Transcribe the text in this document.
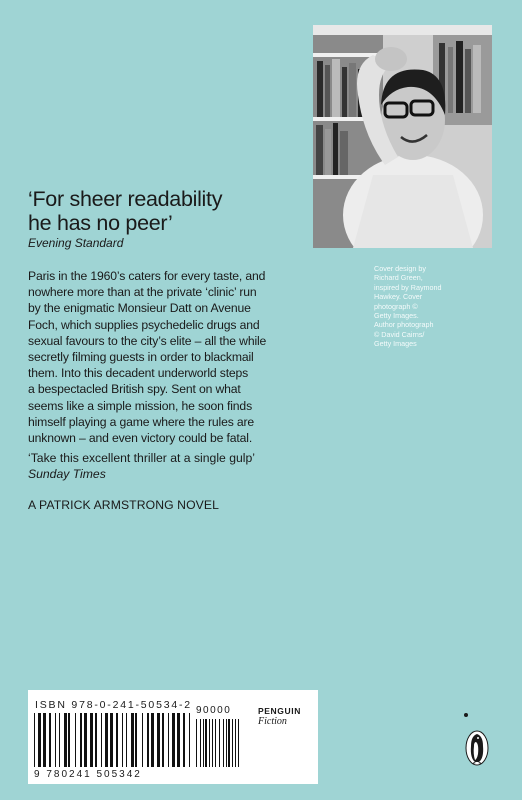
‘For sheer readability
he has no peer’
Evening Standard

Paris in the 1960’s caters for every taste, and

nowhere more than at the private ‘clinic’ run

by the enigmatic Monsieur Datt on Avenue

Foch, which supplies psychedelic drugs and

sexual favours to the city’s elite – all the while

secretly filming guests in order to blackmail

them. Into this decadent underworld steps

a bespectacled British spy. Sent on what

seems like a simple mission, he soon finds

himself playing a game where the rules are

unknown – and even victory could be fatal.

Cover design by
Richard Green,
inspired by Raymond
Hawkey. Cover
photograph ©
Getty Images.
Author photograph
© David Cairns/
Getty Images
‘Take this excellent thriller at a single gulp’
Sunday Times
A PATRICK ARMSTRONG NOVEL
ISBN 978-0-241-50534-2 90000	PENGUIN
Fiction
9 780241 505342
